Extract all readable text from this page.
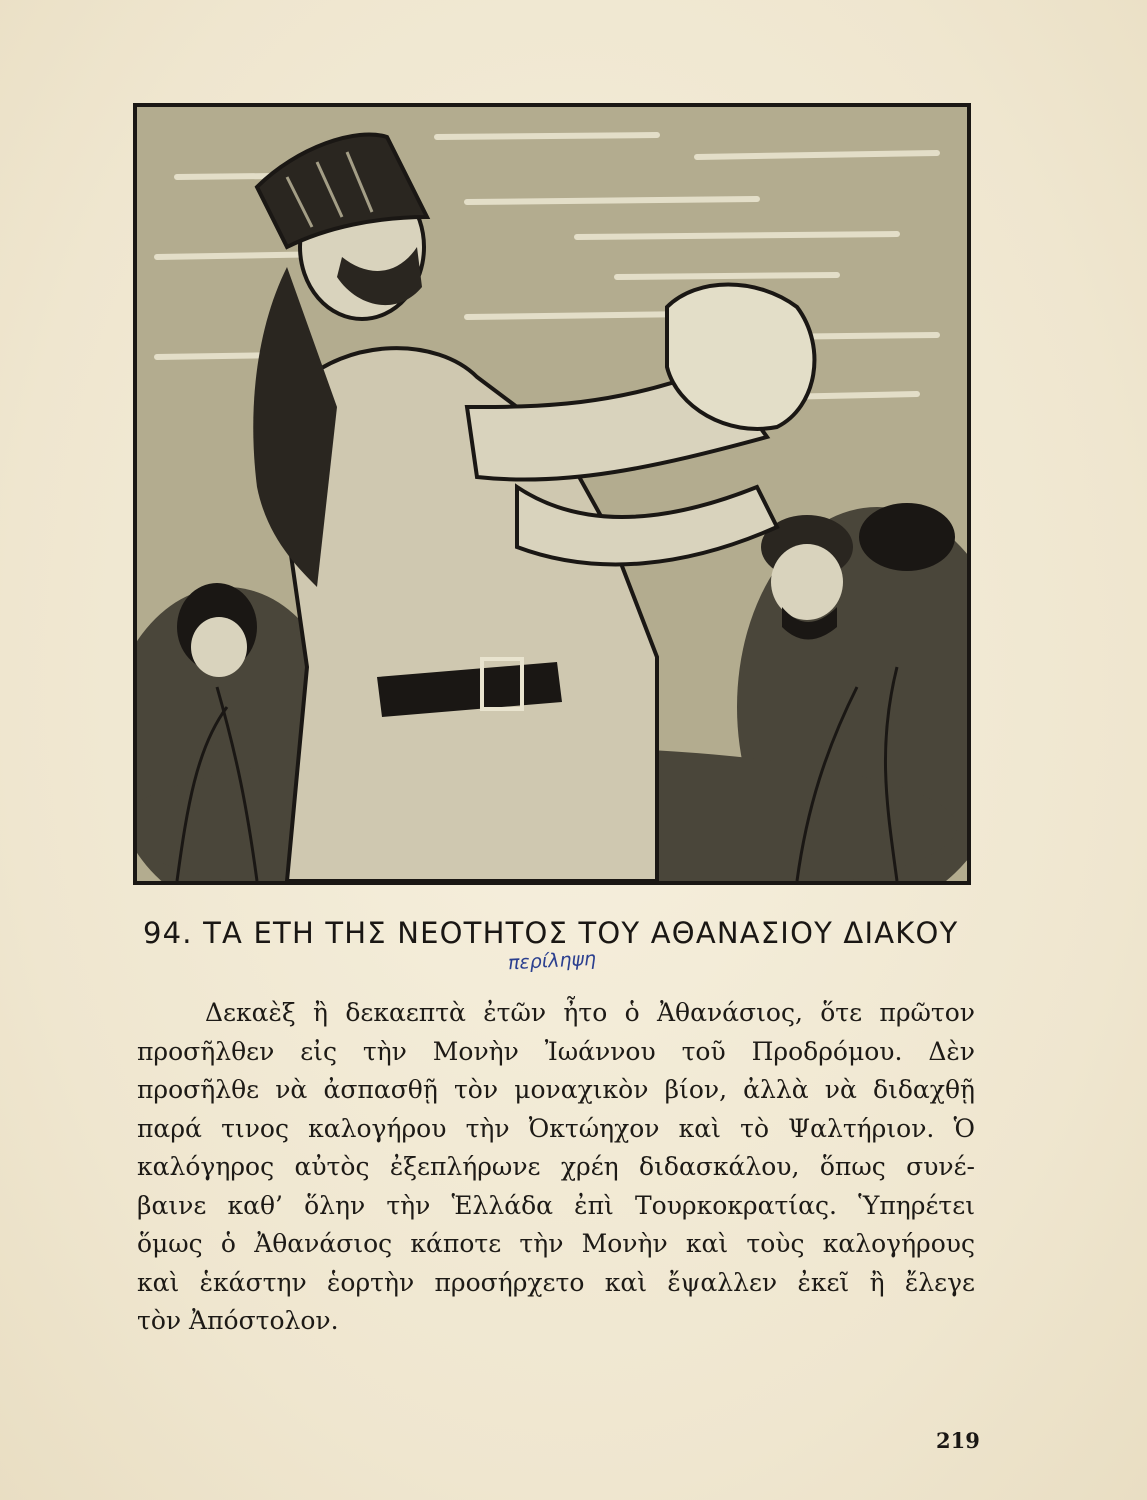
94. ΤΑ ΕΤΗ ΤΗΣ ΝΕΟΤΗΤΟΣ ΤΟΥ ΑΘΑΝΑΣΙΟΥ ΔΙΑΚΟΥ
περίληψη
Δεκαὲξ ἢ δεκαεπτὰ ἐτῶν ἦτο ὁ Ἀθανάσιος, ὅτε πρῶτον
προσῆλθεν εἰς τὴν Μονὴν Ἰωάννου τοῦ Προδρόμου. Δὲν
προσῆλθε νὰ ἀσπασθῇ τὸν μοναχικὸν βίον, ἀλλὰ νὰ διδαχθῇ
παρά τινος καλογήρου τὴν Ὀκτώηχον καὶ τὸ Ψαλτήριον. Ὁ
καλόγηρος αὐτὸς ἐξεπλήρωνε χρέη διδασκάλου, ὅπως συνέ-
βαινε καθ’ ὅλην τὴν Ἑλλάδα ἐπὶ Τουρκοκρατίας. Ὑπηρέτει
ὅμως ὁ Ἀθανάσιος κάποτε τὴν Μονὴν καὶ τοὺς καλογήρους
καὶ ἑκάστην ἑορτὴν προσήρχετο καὶ ἔψαλλεν ἐκεῖ ἢ ἔλεγε
τὸν Ἀπόστολον.
219
